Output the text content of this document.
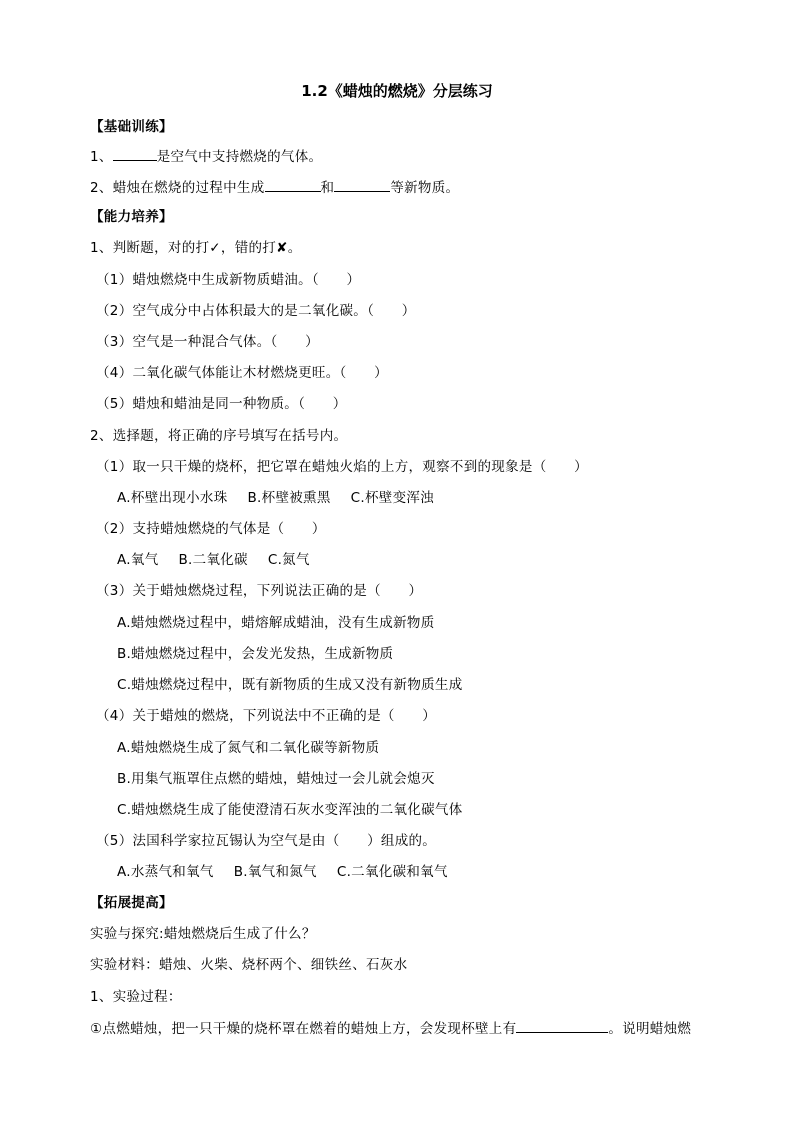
1.2《蜡烛的燃烧》分层练习
【基础训练】
1、	是空气中支持燃烧的气体。
2、蜡烛在燃烧的过程中生成	和	等新物质。
【能力培养】
1、判断题，对的打✓，错的打✘。
（1）蜡烛燃烧中生成新物质蜡油。（　　）
（2）空气成分中占体积最大的是二氧化碳。（　　）
（3）空气是一种混合气体。（　　）
（4）二氧化碳气体能让木材燃烧更旺。（　　）
（5）蜡烛和蜡油是同一种物质。（　　）
2、选择题，将正确的序号填写在括号内。
（1）取一只干燥的烧杯，把它罩在蜡烛火焰的上方，观察不到的现象是（　　）
A.杯壁出现小水珠 B.杯壁被熏黑 C.杯壁变浑浊
（2）支持蜡烛燃烧的气体是（　　）
A.氧气 B.二氧化碳 C.氮气
（3）关于蜡烛燃烧过程，下列说法正确的是（　　）
A.蜡烛燃烧过程中，蜡熔解成蜡油，没有生成新物质
B.蜡烛燃烧过程中，会发光发热，生成新物质
C.蜡烛燃烧过程中，既有新物质的生成又没有新物质生成
（4）关于蜡烛的燃烧，下列说法中不正确的是（　　）
A.蜡烛燃烧生成了氮气和二氧化碳等新物质
B.用集气瓶罩住点燃的蜡烛，蜡烛过一会儿就会熄灭
C.蜡烛燃烧生成了能使澄清石灰水变浑浊的二氧化碳气体
（5）法国科学家拉瓦锡认为空气是由（　　）组成的。
A.水蒸气和氧气 B.氧气和氮气 C.二氧化碳和氧气
【拓展提高】
实验与探究:蜡烛燃烧后生成了什么？
实验材料：蜡烛、火柴、烧杯两个、细铁丝、石灰水
1、实验过程：
①点燃蜡烛，把一只干燥的烧杯罩在燃着的蜡烛上方，会发现杯壁上有	。说明蜡烛燃
